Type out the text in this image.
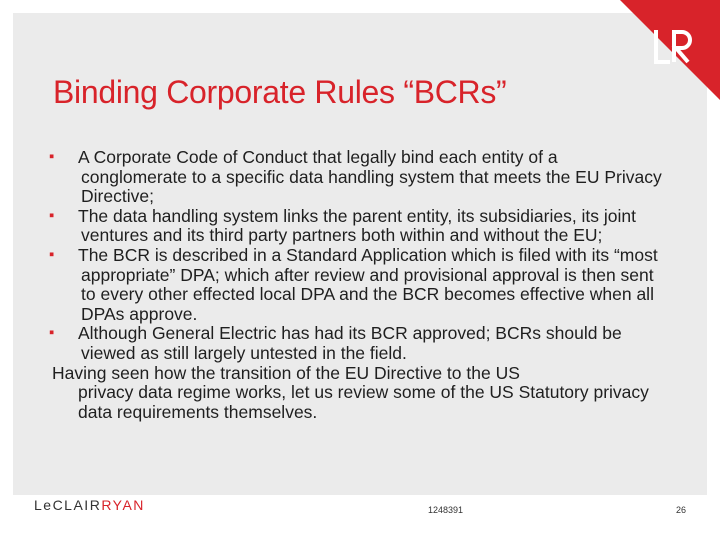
Binding Corporate Rules “BCRs”
▪ A Corporate Code of Conduct that legally bind each entity of a conglomerate to a specific data handling system that meets the EU Privacy Directive;
▪ The data handling system links the parent entity, its subsidiaries, its joint ventures and its third party partners both within and without the EU;
▪ The BCR is described in a Standard Application which is filed with its “most appropriate” DPA; which after review and provisional approval is then sent to every other effected local DPA and the BCR becomes effective when all DPAs approve.
▪ Although General Electric has had its BCR approved; BCRs should be viewed as still largely untested in the field.
Having seen how the transition of the EU Directive to the US
privacy data regime works, let us review some of the US Statutory privacy data requirements themselves.
LeCLAIRRYAN	1248391	26
